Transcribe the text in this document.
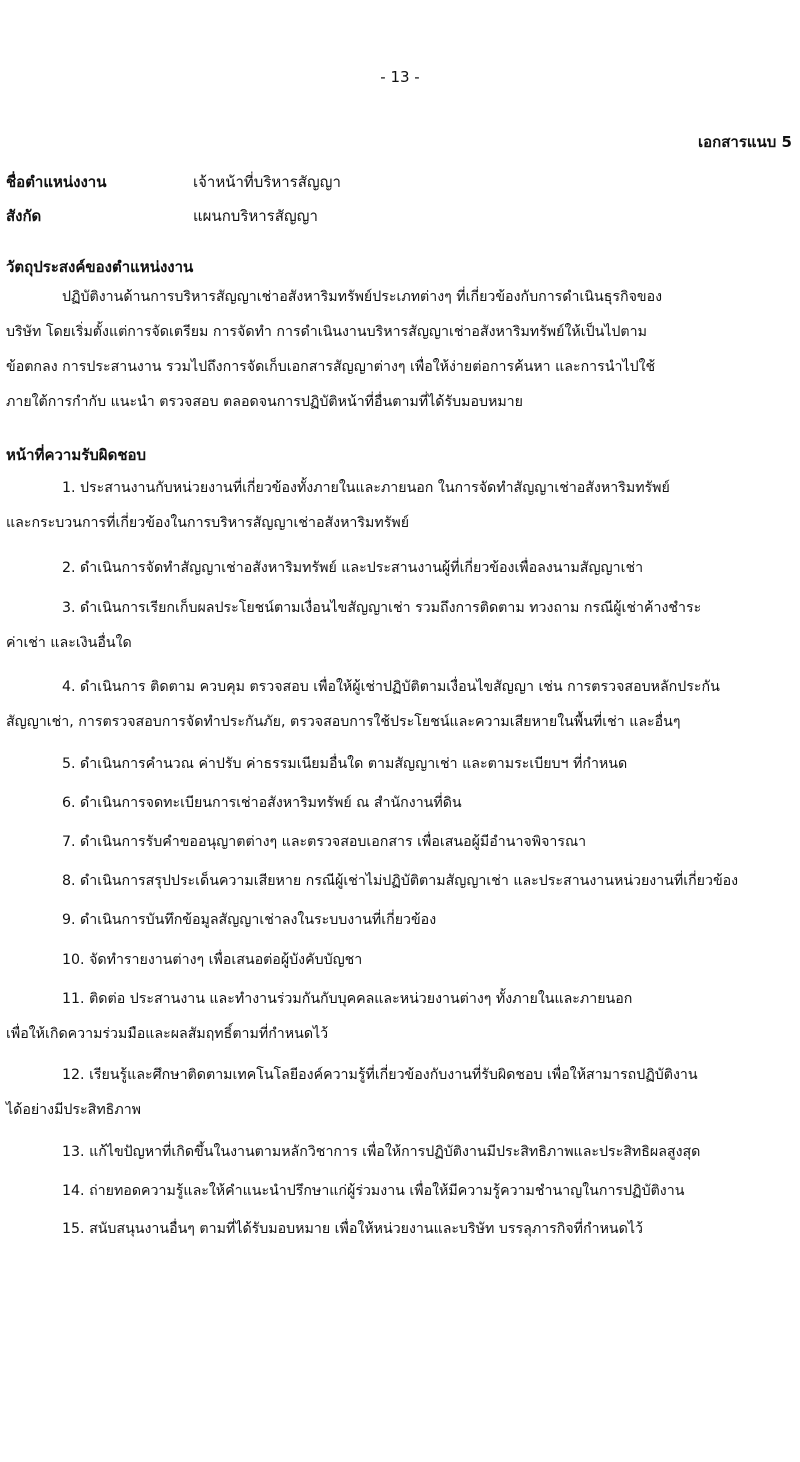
- 13 -
เอกสารแนบ 5
ชื่อตำแหน่งงาน	เจ้าหน้าที่บริหารสัญญา
สังกัด	แผนกบริหารสัญญา
วัตถุประสงค์ของตำแหน่งงาน
ปฏิบัติงานด้านการบริหารสัญญาเช่าอสังหาริมทรัพย์ประเภทต่างๆ ที่เกี่ยวข้องกับการดำเนินธุรกิจของ
บริษัท โดยเริ่มตั้งแต่การจัดเตรียม การจัดทำ การดำเนินงานบริหารสัญญาเช่าอสังหาริมทรัพย์ให้เป็นไปตาม
ข้อตกลง การประสานงาน รวมไปถึงการจัดเก็บเอกสารสัญญาต่างๆ เพื่อให้ง่ายต่อการค้นหา และการนำไปใช้
ภายใต้การกำกับ แนะนำ ตรวจสอบ ตลอดจนการปฏิบัติหน้าที่อื่นตามที่ได้รับมอบหมาย
หน้าที่ความรับผิดชอบ
1. ประสานงานกับหน่วยงานที่เกี่ยวข้องทั้งภายในและภายนอก ในการจัดทำสัญญาเช่าอสังหาริมทรัพย์
และกระบวนการที่เกี่ยวข้องในการบริหารสัญญาเช่าอสังหาริมทรัพย์
2. ดำเนินการจัดทำสัญญาเช่าอสังหาริมทรัพย์ และประสานงานผู้ที่เกี่ยวข้องเพื่อลงนามสัญญาเช่า
3. ดำเนินการเรียกเก็บผลประโยชน์ตามเงื่อนไขสัญญาเช่า รวมถึงการติดตาม ทวงถาม กรณีผู้เช่าค้างชำระ
ค่าเช่า และเงินอื่นใด
4. ดำเนินการ ติดตาม ควบคุม ตรวจสอบ เพื่อให้ผู้เช่าปฏิบัติตามเงื่อนไขสัญญา เช่น การตรวจสอบหลักประกัน
สัญญาเช่า, การตรวจสอบการจัดทำประกันภัย, ตรวจสอบการใช้ประโยชน์และความเสียหายในพื้นที่เช่า และอื่นๆ
5. ดำเนินการคำนวณ ค่าปรับ ค่าธรรมเนียมอื่นใด ตามสัญญาเช่า และตามระเบียบฯ ที่กำหนด
6. ดำเนินการจดทะเบียนการเช่าอสังหาริมทรัพย์ ณ สำนักงานที่ดิน
7. ดำเนินการรับคำขออนุญาตต่างๆ และตรวจสอบเอกสาร เพื่อเสนอผู้มีอำนาจพิจารณา
8. ดำเนินการสรุปประเด็นความเสียหาย กรณีผู้เช่าไม่ปฏิบัติตามสัญญาเช่า และประสานงานหน่วยงานที่เกี่ยวข้อง
9. ดำเนินการบันทึกข้อมูลสัญญาเช่าลงในระบบงานที่เกี่ยวข้อง
10. จัดทำรายงานต่างๆ เพื่อเสนอต่อผู้บังคับบัญชา
11. ติดต่อ ประสานงาน และทำงานร่วมกันกับบุคคลและหน่วยงานต่างๆ ทั้งภายในและภายนอก
เพื่อให้เกิดความร่วมมือและผลสัมฤทธิ์ตามที่กำหนดไว้
12. เรียนรู้และศึกษาติดตามเทคโนโลยีองค์ความรู้ที่เกี่ยวข้องกับงานที่รับผิดชอบ เพื่อให้สามารถปฏิบัติงาน
ได้อย่างมีประสิทธิภาพ
13. แก้ไขปัญหาที่เกิดขึ้นในงานตามหลักวิชาการ เพื่อให้การปฏิบัติงานมีประสิทธิภาพและประสิทธิผลสูงสุด
14. ถ่ายทอดความรู้และให้คำแนะนำปรึกษาแก่ผู้ร่วมงาน เพื่อให้มีความรู้ความชำนาญในการปฏิบัติงาน
15. สนับสนุนงานอื่นๆ ตามที่ได้รับมอบหมาย เพื่อให้หน่วยงานและบริษัท บรรลุภารกิจที่กำหนดไว้
